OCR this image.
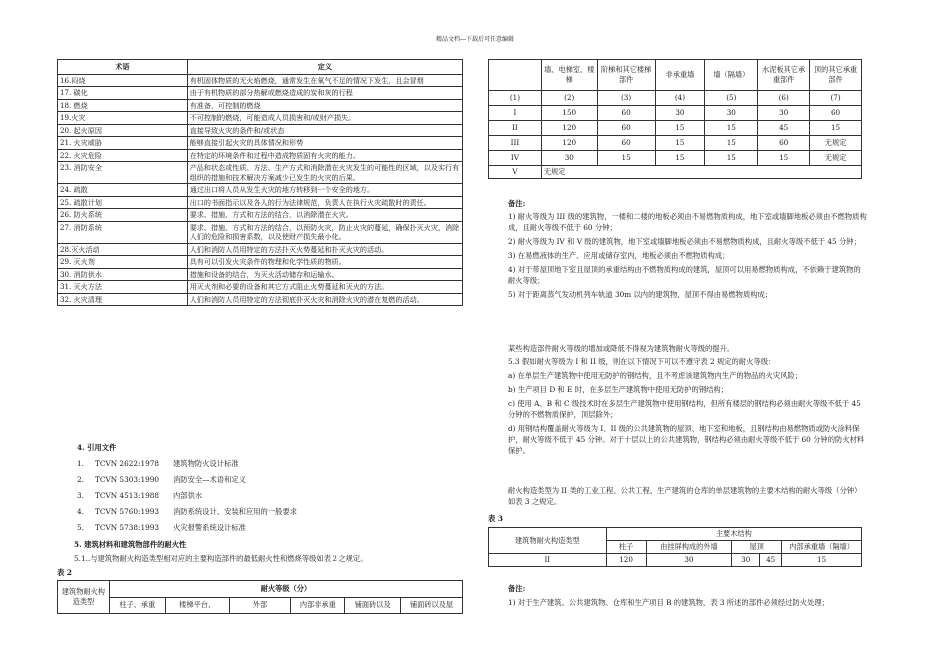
精品文档---下载后可任意编辑
术语	定义
16.闷烧	有机固体物质的无火焰燃烧，通常发生在氧气不足的情况下发生，且会冒烟
17. 碳化	由于有机物质的部分热解或燃烧造成的炭和灰的行程
18. 燃烧	有准备，可控制的燃烧
19.火灾	不可控制的燃烧，可能造成人员损害和/或财产损失。
20. 起火原因	直接导致火灾的条件和/或状态
21. 火灾威胁	能够直接引起火灾的具体情况和形势
22. 火灾危险	在特定的环境条件和过程中造成物质固有火灾的能力。
23. 消防安全	产品和状态或性质、方法、生产方式和消除潜在火灾发生的可能性的区域，以及实行有组织的措施和技术解决方案减少已发生的火灾的后果。
24. 疏散	通过出口将人员从发生火灾的地方转移到一个安全的地方。
25. 疏散计划	出口的书面指示以及各人的行为法律规范，负责人在执行火灾疏散时的责任。
26. 防火系统	要求、措施、方式和方法的结合，以消除潜在火灾。
27. 消防系统	要求、措施、方式和方法的结合，以预防火灾，防止火灾的蔓延，确保扑灭火灾，消除人们的危险和损害系数，以及使财产损失最小化。
28.灭火活动	人们和消防人员用特定的方法扑灭火势蔓延和扑灭火灾的活动。
29. 灭火剂	具有可以引发火灾条件的物理和化学性质的物质。
30. 消防供水	措施和设备的结合，为灭火活动储存和运输水。
31. 灭火方法	用灭火剂和必要的设备和其它方式阻止火势蔓延和灭火的方法。
32. 火灾清理	人们和消防人员用特定的方法彻底扑灭火灾和消除火灾的潜在复燃的活动。
4. 引用文件
1.	TCVN 2622:1978	建筑物防火设计标准
2.	TCVN 5303:1990	消防安全—术语和定义
3.	TCVN 4513:1988	内部供水
4.	TCVN 5760:1993	消防系统设计、安装和应用的一般要求
5.	TCVN 5738:1993	火灾报警系统设计标准
5. 建筑材料和建筑物部件的耐火性
5.1..与建筑物耐火构造类型相对应的主要构造部件的最低耐火性和燃烧等级如表２之规定。
表 2
建筑物耐火构造类型	耐火等级（分）					
	柱子、承重	楼梯平台、	外部	内部非承重	铺面砖以及	铺面砖以及屋
	墙、电梯室、楼梯	阶梯和其它楼梯部件	非承重墙	墙（隔墙）	水泥板其它承重部件	顶的其它承重部件
(1)	(2)	(3)	(4)	(5)	(6)	(7)
I	150	60	30	30	30	60
II	120	60	15	15	45	15
III	120	60	15	15	60	无规定
IV	30	15	15	15	15	无规定
V	无规定					
备注:
1) 耐火等级为 III 级的建筑物，一楼和二楼的地板必须由不易燃物质构成，地下室或墙脚地板必须由不燃物质构成，且耐火等级不低于 60 分钟；
2) 耐火等级为 IV 和 V 级的建筑物，地下室或墙脚地板必须由不易燃物质构成，且耐火等级不低于 45 分钟；
3) 在易燃液体的生产、应用或储存室内，地板必须由不燃物质构成；
4) 对于带屋顶地下室且屋顶的承重结构由不燃物质构成的建筑，屋顶可以用易燃物质构成，不依赖于建筑物的耐火等级；
5) 对于距离蒸气发动机列车轨道 30m 以内的建筑物，屋顶不得由易燃物质构成；
某些构造部件耐火等级的增加或降低不得视为建筑物耐火等级的提升。
5.3 假如耐火等级为 I 和 II 级，则在以下情况下可以不遵守表 2 规定的耐火等级：
a) 在单层生产建筑物中使用无防护的钢结构，且不考虑该建筑物内生产的物品的火灾风险；
b) 生产项目 D 和 E 时，在多层生产建筑物中使用无防护的钢结构；
c) 使用 A、B 和 C 级技术时在多层生产建筑物中使用钢结构，但所有楼层的钢结构必须由耐火等级不低于 45 分钟的不燃物质保护，顶层除外；
d) 用钢结构覆盖耐火等级为 I、II 级的公共建筑物的屋顶、地下室和地板，且钢结构由易燃物质或防火涂料保护，耐火等级不低于 45 分钟。对于十层以上的公共建筑物，钢结构必须由耐火等级不低于 60 分钟的防火材料保护。
耐火构造类型为 II 类的工业工程、公共工程、生产建筑的仓库的单层建筑物的主要木结构的耐火等级（分钟）如表 3 之规定。
表 3
建筑物耐火构造类型	主要木结构				
	柱子	由挂屏构成的外墙	屋顶		内部承重墙（隔墙）
II	120	30	30	45	15
备注:
1) 对于生产建筑、公共建筑物、仓库和生产项目 B 的建筑物，表 3 所述的部件必须经过防火处理；
